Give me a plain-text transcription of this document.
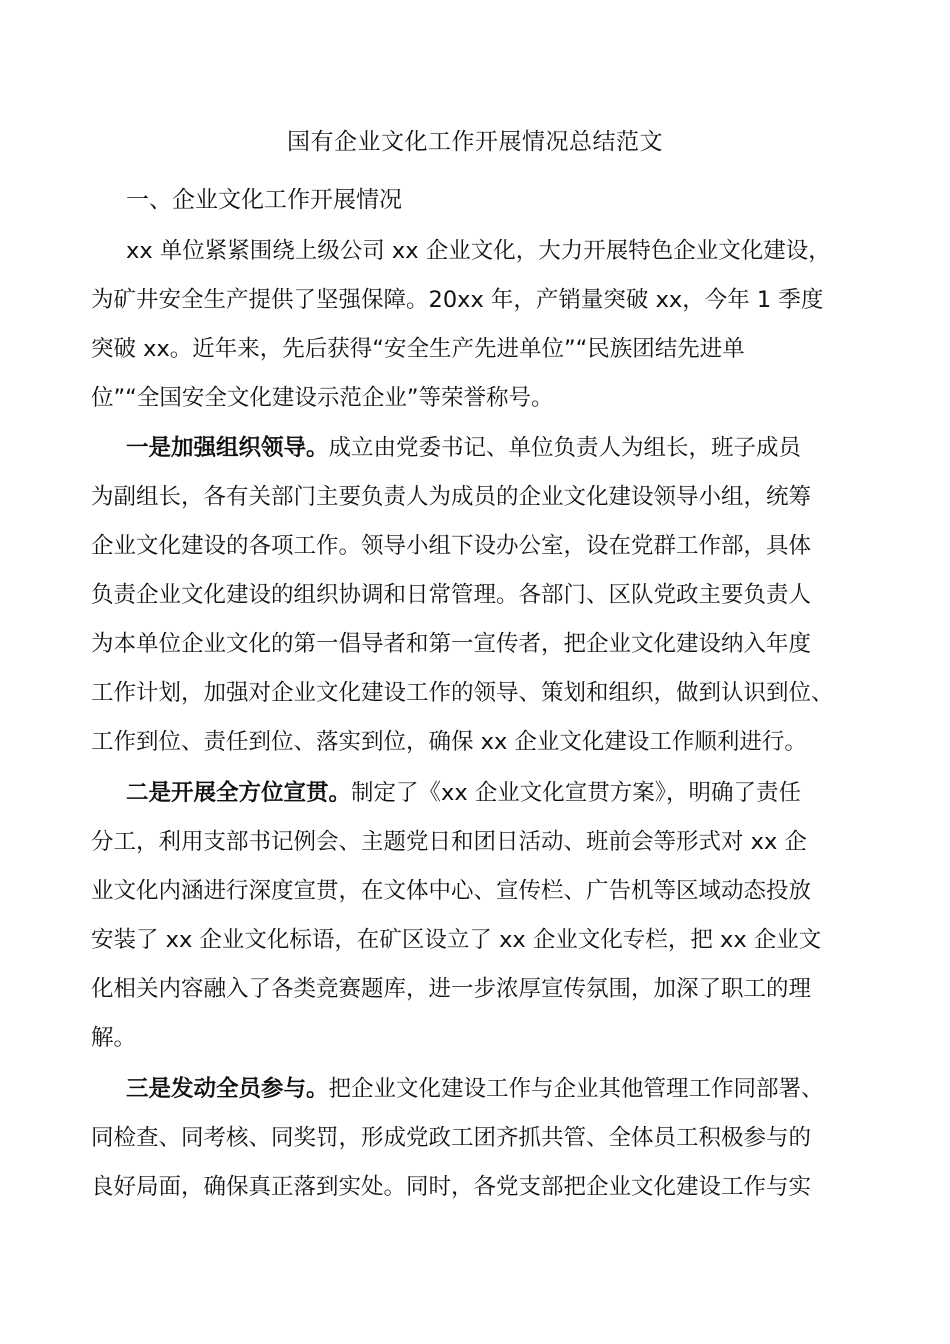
国有企业文化工作开展情况总结范文
一、企业文化工作开展情况

xx 单位紧紧围绕上级公司 xx 企业文化，大力开展特色企业文化建设，
为矿井安全生产提供了坚强保障。20xx 年，产销量突破 xx，今年 1 季度
突破 xx。近年来，先后获得“安全生产先进单位”“民族团结先进单
位”“全国安全文化建设示范企业”等荣誉称号。

一是加强组织领导。成立由党委书记、单位负责人为组长，班子成员
为副组长，各有关部门主要负责人为成员的企业文化建设领导小组，统筹
企业文化建设的各项工作。领导小组下设办公室，设在党群工作部，具体
负责企业文化建设的组织协调和日常管理。各部门、区队党政主要负责人
为本单位企业文化的第一倡导者和第一宣传者，把企业文化建设纳入年度
工作计划，加强对企业文化建设工作的领导、策划和组织，做到认识到位、
工作到位、责任到位、落实到位，确保 xx 企业文化建设工作顺利进行。

二是开展全方位宣贯。制定了《xx 企业文化宣贯方案》，明确了责任
分工，利用支部书记例会、主题党日和团日活动、班前会等形式对 xx 企
业文化内涵进行深度宣贯，在文体中心、宣传栏、广告机等区域动态投放
安装了 xx 企业文化标语，在矿区设立了 xx 企业文化专栏，把 xx 企业文
化相关内容融入了各类竞赛题库，进一步浓厚宣传氛围，加深了职工的理
解。

三是发动全员参与。把企业文化建设工作与企业其他管理工作同部署、
同检查、同考核、同奖罚，形成党政工团齐抓共管、全体员工积极参与的
良好局面，确保真正落到实处。同时，各党支部把企业文化建设工作与实
